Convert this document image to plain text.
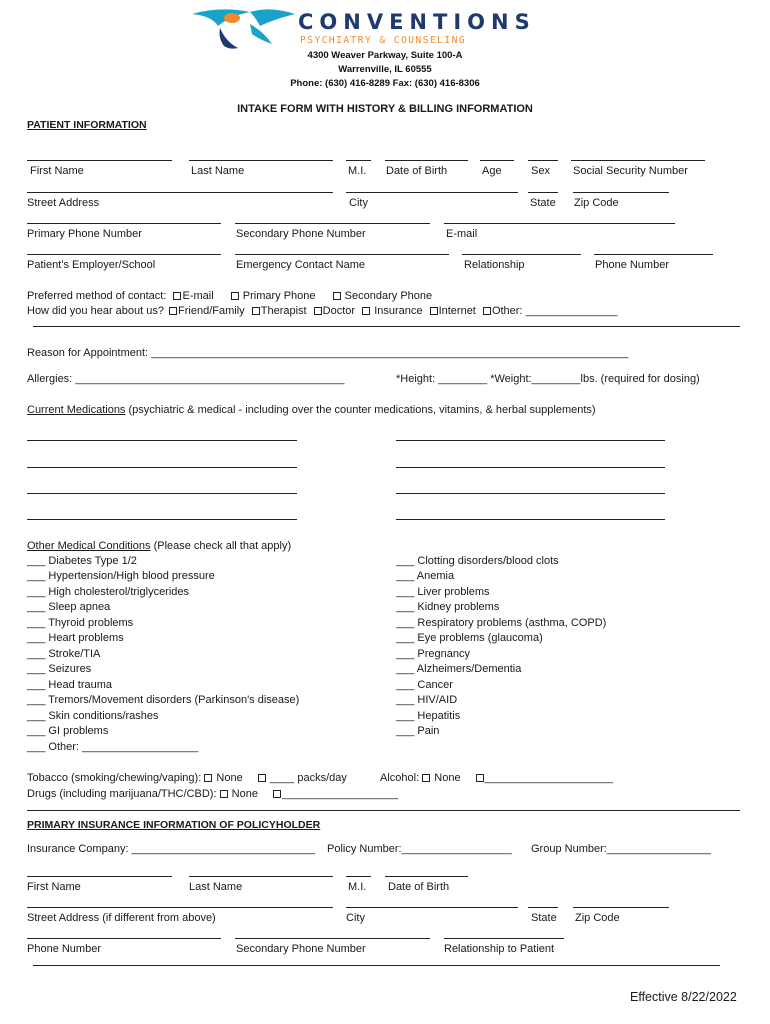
CONVENTIONS
PSYCHIATRY & COUNSELING
4300 Weaver Parkway, Suite 100-A
Warrenville, IL 60555
Phone: (630) 416-8289 Fax: (630) 416-8306
INTAKE FORM WITH HISTORY & BILLING INFORMATION
PATIENT INFORMATION
First Name	Last Name	M.I. Date of Birth	Age	Sex Social Security Number
Street Address	City	State Zip Code
Primary Phone Number	Secondary Phone Number	E-mail
Patient’s Employer/School	Emergency Contact Name	Relationship	Phone Number
Preferred method of contact: E-mail	Primary Phone	Secondary Phone
How did you hear about us? Friend/Family Therapist Doctor Insurance Internet Other: _______________
Reason for Appointment: ______________________________________________________________________________
Allergies: ____________________________________________	*Height: ________ *Weight:________lbs. (required for dosing)
Current Medications (psychiatric & medical - including over the counter medications, vitamins, & herbal supplements)
Other Medical Conditions (Please check all that apply)
___ Diabetes Type 1/2
___ Hypertension/High blood pressure
___ High cholesterol/triglycerides
___ Sleep apnea
___ Thyroid problems
___ Heart problems
___ Stroke/TIA
___ Seizures
___ Head trauma
___ Tremors/Movement disorders (Parkinson's disease)
___ Skin conditions/rashes
___ GI problems
___ Other: ___________________
___ Clotting disorders/blood clots
___ Anemia
___ Liver problems
___ Kidney problems
___ Respiratory problems (asthma, COPD)
___ Eye problems (glaucoma)
___ Pregnancy
___ Alzheimers/Dementia
___ Cancer
___ HIV/AID
___ Hepatitis
___ Pain
Tobacco (smoking/chewing/vaping): None ____ packs/day	Alcohol: None _____________________
Drugs (including marijuana/THC/CBD): None ___________________
PRIMARY INSURANCE INFORMATION OF POLICYHOLDER
Insurance Company: ______________________________ Policy Number:__________________ Group Number:_________________
First Name	Last Name	M.I. Date of Birth
Street Address (if different from above)	City	State Zip Code
Phone Number	Secondary Phone Number	Relationship to Patient
Effective 8/22/2022
